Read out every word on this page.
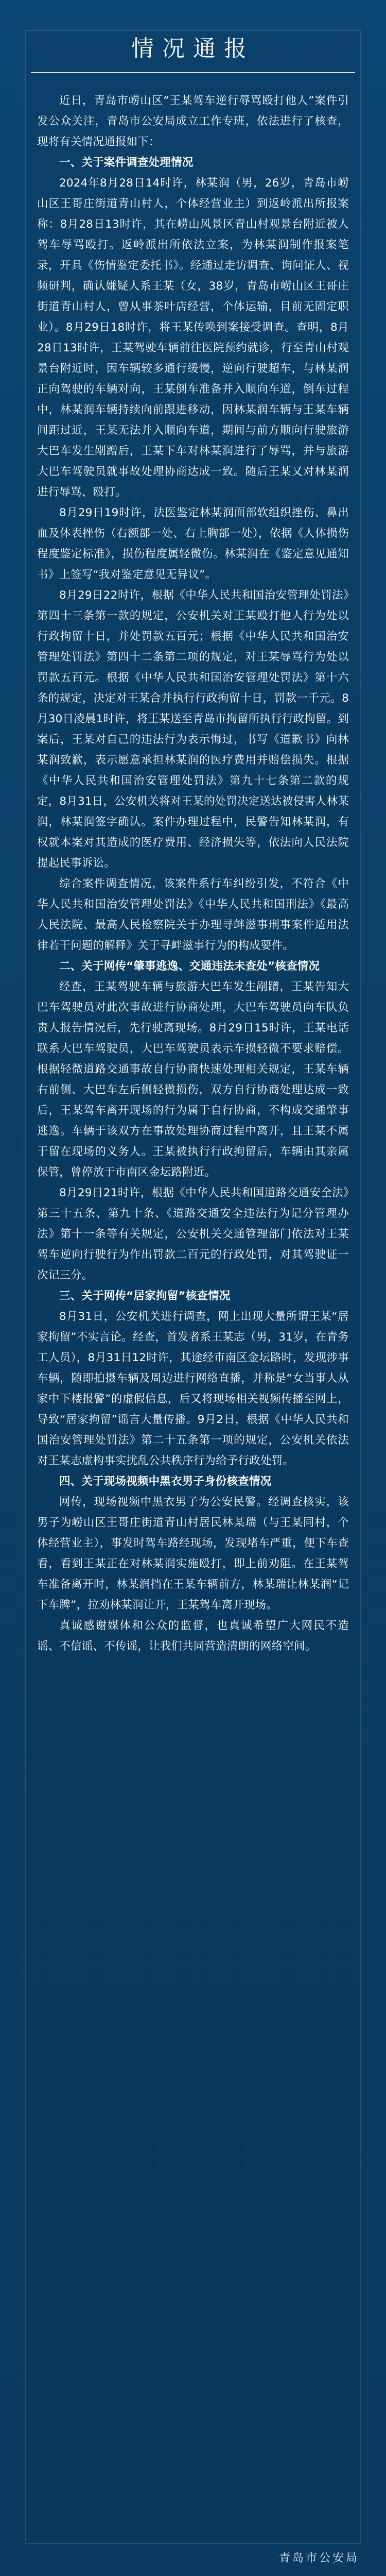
情况通报

近日，青岛市崂山区“王某驾车逆行辱骂殴打他人”案件引发公众关注，青岛市公安局成立工作专班，依法进行了核查，现将有关情况通报如下：

一、关于案件调查处理情况

2024年8月28日14时许，林某润（男，26岁，青岛市崂山区王哥庄街道青山村人，个体经营业主）到返岭派出所报案称：8月28日13时许，其在崂山风景区青山村观景台附近被人驾车辱骂殴打。返岭派出所依法立案，为林某润制作报案笔录，开具《伤情鉴定委托书》。经通过走访调查、询问证人、视频研判，确认嫌疑人系王某（女，38岁，青岛市崂山区王哥庄街道青山村人，曾从事茶叶店经营，个体运输，目前无固定职业）。8月29日18时许，将王某传唤到案接受调查。查明，8月28日13时许，王某驾驶车辆前往医院预约就诊，行至青山村观景台附近时，因车辆较多通行缓慢，逆向行驶超车，与林某润正向驾驶的车辆对向，王某倒车准备并入顺向车道，倒车过程中，林某润车辆持续向前跟进移动，因林某润车辆与王某车辆间距过近，王某无法并入顺向车道，期间与前方顺向行驶旅游大巴车发生剐蹭后，王某下车对林某润进行了辱骂，并与旅游大巴车驾驶员就事故处理协商达成一致。随后王某又对林某润进行辱骂、殴打。

8月29日19时许，法医鉴定林某润面部软组织挫伤、鼻出血及体表挫伤（右额部一处、右上胸部一处），依据《人体损伤程度鉴定标准》，损伤程度属轻微伤。林某润在《鉴定意见通知书》上签写“我对鉴定意见无异议”。

8月29日22时许，根据《中华人民共和国治安管理处罚法》第四十三条第一款的规定，公安机关对王某殴打他人行为处以行政拘留十日，并处罚款五百元；根据《中华人民共和国治安管理处罚法》第四十二条第二项的规定，对王某辱骂行为处以罚款五百元。根据《中华人民共和国治安管理处罚法》第十六条的规定，决定对王某合并执行行政拘留十日，罚款一千元。8月30日凌晨1时许，将王某送至青岛市拘留所执行行政拘留。到案后，王某对自己的违法行为表示悔过，书写《道歉书》向林某润致歉，表示愿意承担林某润的医疗费用并赔偿损失。根据《中华人民共和国治安管理处罚法》第九十七条第二款的规定，8月31日，公安机关将对王某的处罚决定送达被侵害人林某润，林某润签字确认。案件办理过程中，民警告知林某润，有权就本案对其造成的医疗费用、经济损失等，依法向人民法院提起民事诉讼。

综合案件调查情况，该案件系行车纠纷引发，不符合《中华人民共和国治安管理处罚法》《中华人民共和国刑法》《最高人民法院、最高人民检察院关于办理寻衅滋事刑事案件适用法律若干问题的解释》关于寻衅滋事行为的构成要件。

二、关于网传“肇事逃逸、交通违法未查处”核查情况

经查，王某驾驶车辆与旅游大巴车发生剐蹭，王某告知大巴车驾驶员对此次事故进行协商处理，大巴车驾驶员向车队负责人报告情况后，先行驶离现场。8月29日15时许，王某电话联系大巴车驾驶员，大巴车驾驶员表示车损轻微不要求赔偿。根据轻微道路交通事故自行协商快速处理相关规定，王某车辆右前侧、大巴车左后侧轻微损伤，双方自行协商处理达成一致后，王某驾车离开现场的行为属于自行协商，不构成交通肇事逃逸。车辆于该双方在事故处理协商过程中离开，且王某不属于留在现场的义务人。王某被执行行政拘留后，车辆由其亲属保管，曾停放于市南区金坛路附近。

8月29日21时许，根据《中华人民共和国道路交通安全法》第三十五条、第九十条、《道路交通安全违法行为记分管理办法》第十一条等有关规定，公安机关交通管理部门依法对王某驾车逆向行驶行为作出罚款二百元的行政处罚，对其驾驶证一次记三分。

三、关于网传“居家拘留”核查情况

8月31日，公安机关进行调查，网上出现大量所谓王某“居家拘留”不实言论。经查，首发者系王某志（男，31岁，在青务工人员），8月31日12时许，其途经市南区金坛路时，发现涉事车辆，随即拍摄车辆及周边进行网络直播，并称是“女当事人从家中下楼报警”的虚假信息，后又将现场相关视频传播至网上，导致“居家拘留”谣言大量传播。9月2日，根据《中华人民共和国治安管理处罚法》第二十五条第一项的规定，公安机关依法对王某志虚构事实扰乱公共秩序行为给予行政处罚。

四、关于现场视频中黑衣男子身份核查情况

网传，现场视频中黑衣男子为公安民警。经调查核实，该男子为崂山区王哥庄街道青山村居民林某瑞（与王某同村，个体经营业主），事发时驾车路经现场，发现堵车严重，便下车查看，看到王某正在对林某润实施殴打，即上前劝阻。在王某驾车准备离开时，林某润挡在王某车辆前方，林某瑞让林某润“记下车牌”，拉劝林某润让开，王某驾车离开现场。

真诚感谢媒体和公众的监督，也真诚希望广大网民不造谣、不信谣、不传谣，让我们共同营造清朗的网络空间。

青岛市公安局
